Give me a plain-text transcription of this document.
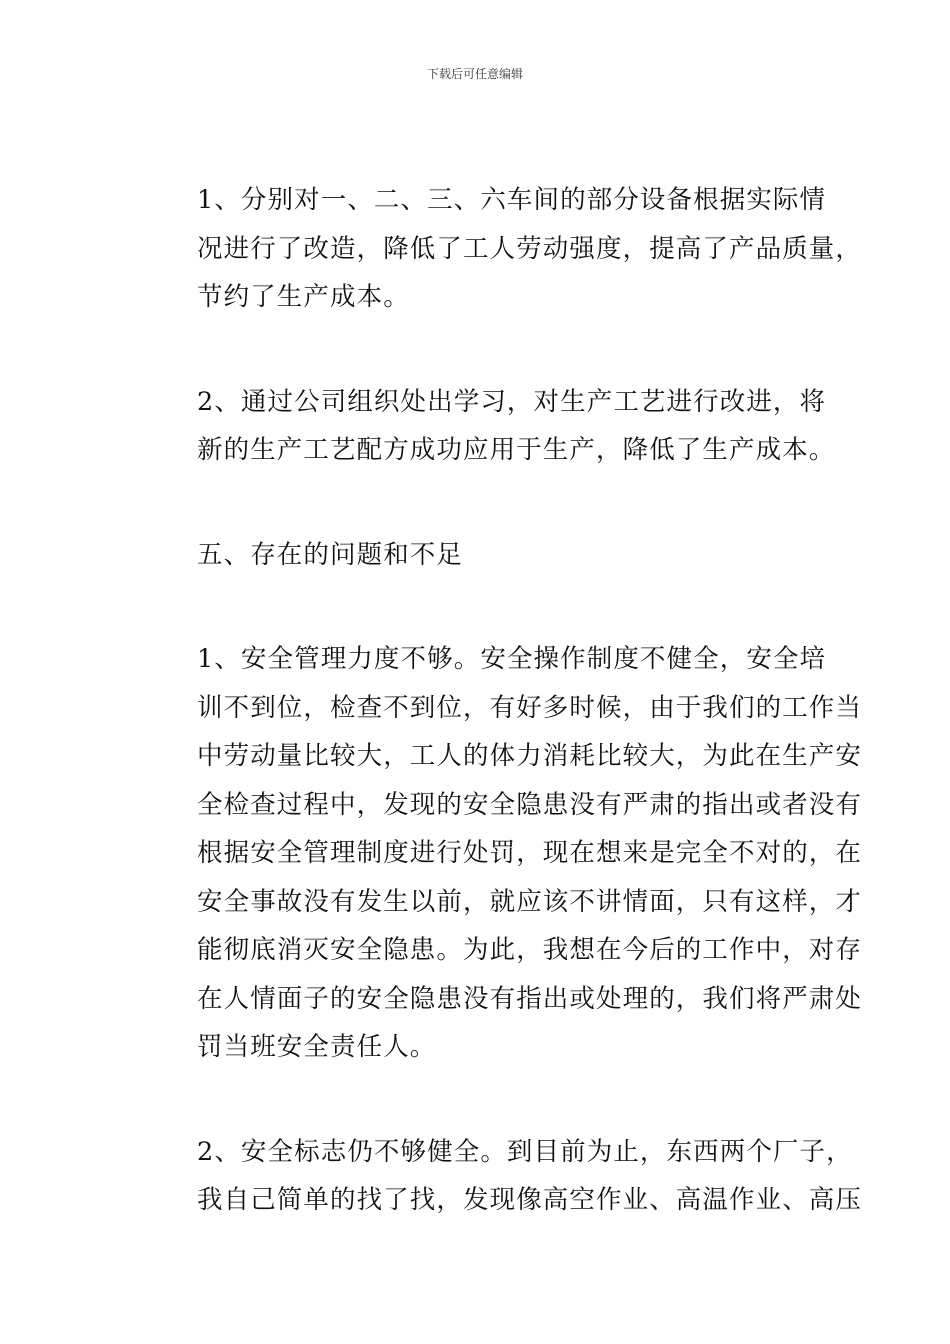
下载后可任意编辑

1、分别对一、二、三、六车间的部分设备根据实际情
况进行了改造，降低了工人劳动强度，提高了产品质量，
节约了生产成本。

2、通过公司组织处出学习，对生产工艺进行改进，将
新的生产工艺配方成功应用于生产，降低了生产成本。

五、存在的问题和不足

1、安全管理力度不够。安全操作制度不健全，安全培
训不到位，检查不到位，有好多时候，由于我们的工作当
中劳动量比较大，工人的体力消耗比较大，为此在生产安
全检查过程中，发现的安全隐患没有严肃的指出或者没有
根据安全管理制度进行处罚，现在想来是完全不对的，在
安全事故没有发生以前，就应该不讲情面，只有这样，才
能彻底消灭安全隐患。为此，我想在今后的工作中，对存
在人情面子的安全隐患没有指出或处理的，我们将严肃处
罚当班安全责任人。

2、安全标志仍不够健全。到目前为止，东西两个厂子，
我自己简单的找了找，发现像高空作业、高温作业、高压
